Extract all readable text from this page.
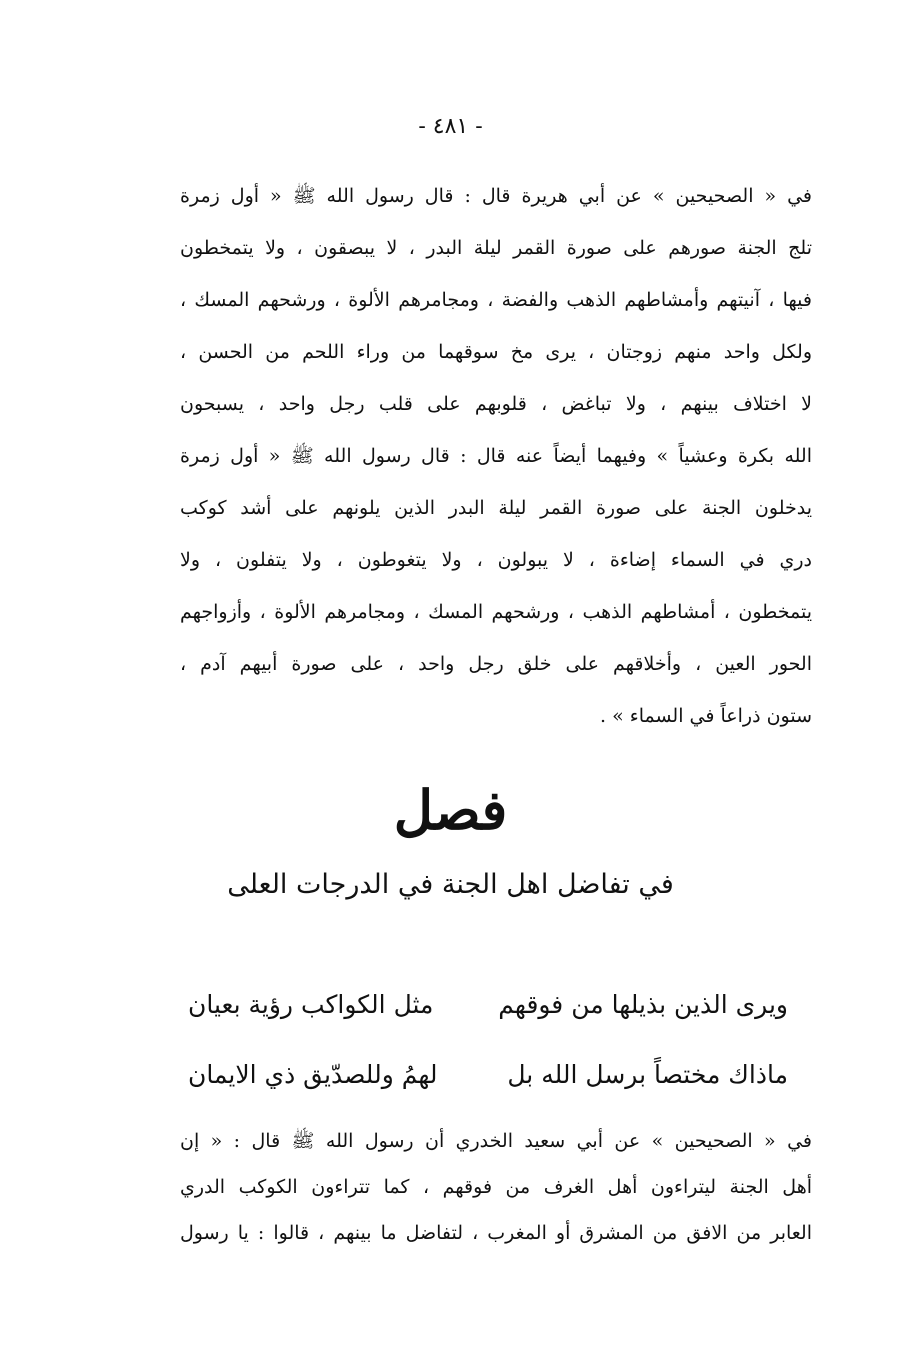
- ٤٨١ -
في « الصحيحين » عن أبي هريرة قال : قال رسول الله ﷺ « أول زمرة
تلج الجنة صورهم على صورة القمر ليلة البدر ، لا يبصقون ، ولا يتمخطون
فيها ، آنيتهم وأمشاطهم الذهب والفضة ، ومجامرهم الألوة ، ورشحهم المسك ،
ولكل واحد منهم زوجتان ، يرى مخ سوقهما من وراء اللحم من الحسن ،
لا اختلاف بينهم ، ولا تباغض ، قلوبهم على قلب رجل واحد ، يسبحون
الله بكرة وعشياً » وفيهما أيضاً عنه قال : قال رسول الله ﷺ « أول زمرة
يدخلون الجنة على صورة القمر ليلة البدر الذين يلونهم على أشد كوكب
دري في السماء إضاءة ، لا يبولون ، ولا يتغوطون ، ولا يتفلون ، ولا
يتمخطون ، أمشاطهم الذهب ، ورشحهم المسك ، ومجامرهم الألوة ، وأزواجهم
الحور العين ، وأخلاقهم على خلق رجل واحد ، على صورة أبيهم آدم ،
ستون ذراعاً في السماء » .
فصل
في تفاضل اهل الجنة في الدرجات العلى
ويرى الذين بذيلها من فوقهم
مثل الكواكب رؤية بعيان
ماذاك مختصاً برسل الله بل
لهمُ وللصدّيق ذي الايمان
في « الصحيحين » عن أبي سعيد الخدري أن رسول الله ﷺ قال : « إن
أهل الجنة ليتراءون أهل الغرف من فوقهم ، كما تتراءون الكوكب الدري
العابر من الافق من المشرق أو المغرب ، لتفاضل ما بينهم ، قالوا : يا رسول
